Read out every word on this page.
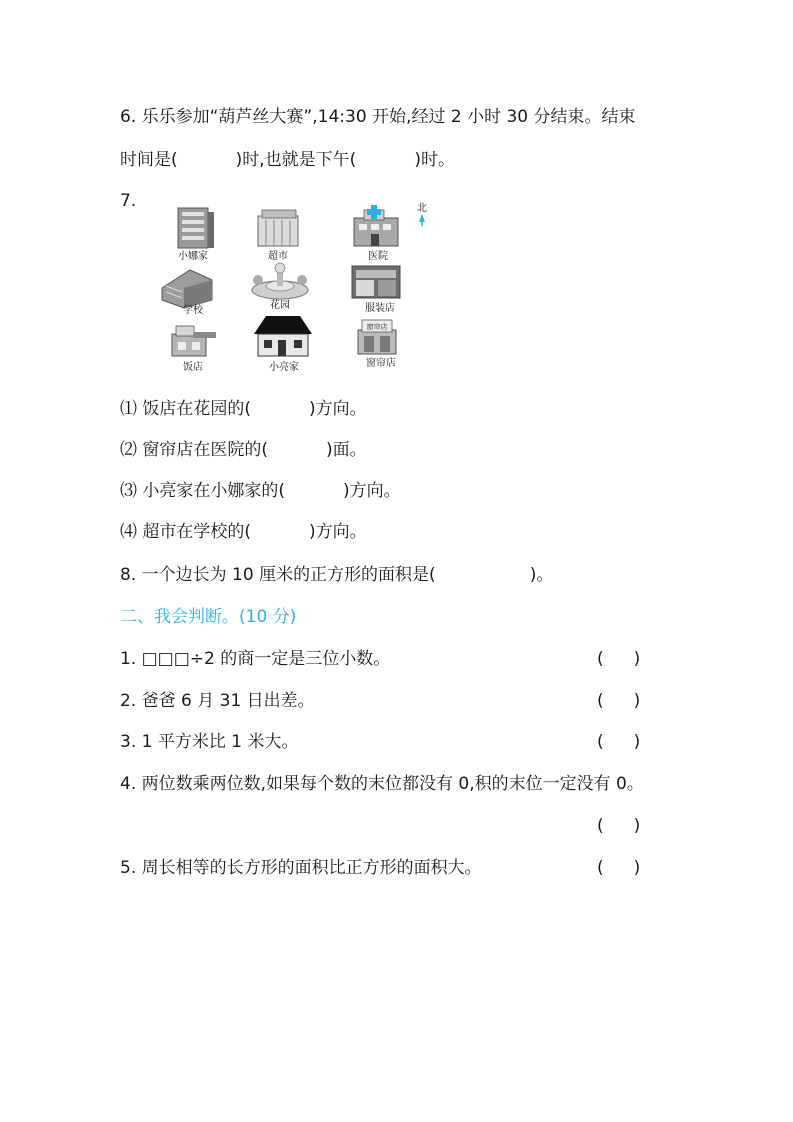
6. 乐乐参加“葫芦丝大赛”,14:30 开始,经过 2 小时 30 分结束。结束
时间是(	)时,也就是下午(	)时。
7.
小娜家	超市	医院
学校	花园	服装店
窗帘店
饭店	小亮家	窗帘店
北
⑴ 饭店在花园的(	)方向。
⑵ 窗帘店在医院的(	)面。
⑶ 小亮家在小娜家的(	)方向。
⑷ 超市在学校的(	)方向。
8. 一个边长为 10 厘米的正方形的面积是(	)。
二、我会判断。(10 分)
1. □□□÷2 的商一定是三位小数。	( )
2. 爸爸 6 月 31 日出差。	( )
3. 1 平方米比 1 米大。	( )
4. 两位数乘两位数,如果每个数的末位都没有 0,积的末位一定没有 0。
( )
5. 周长相等的长方形的面积比正方形的面积大。	( )
